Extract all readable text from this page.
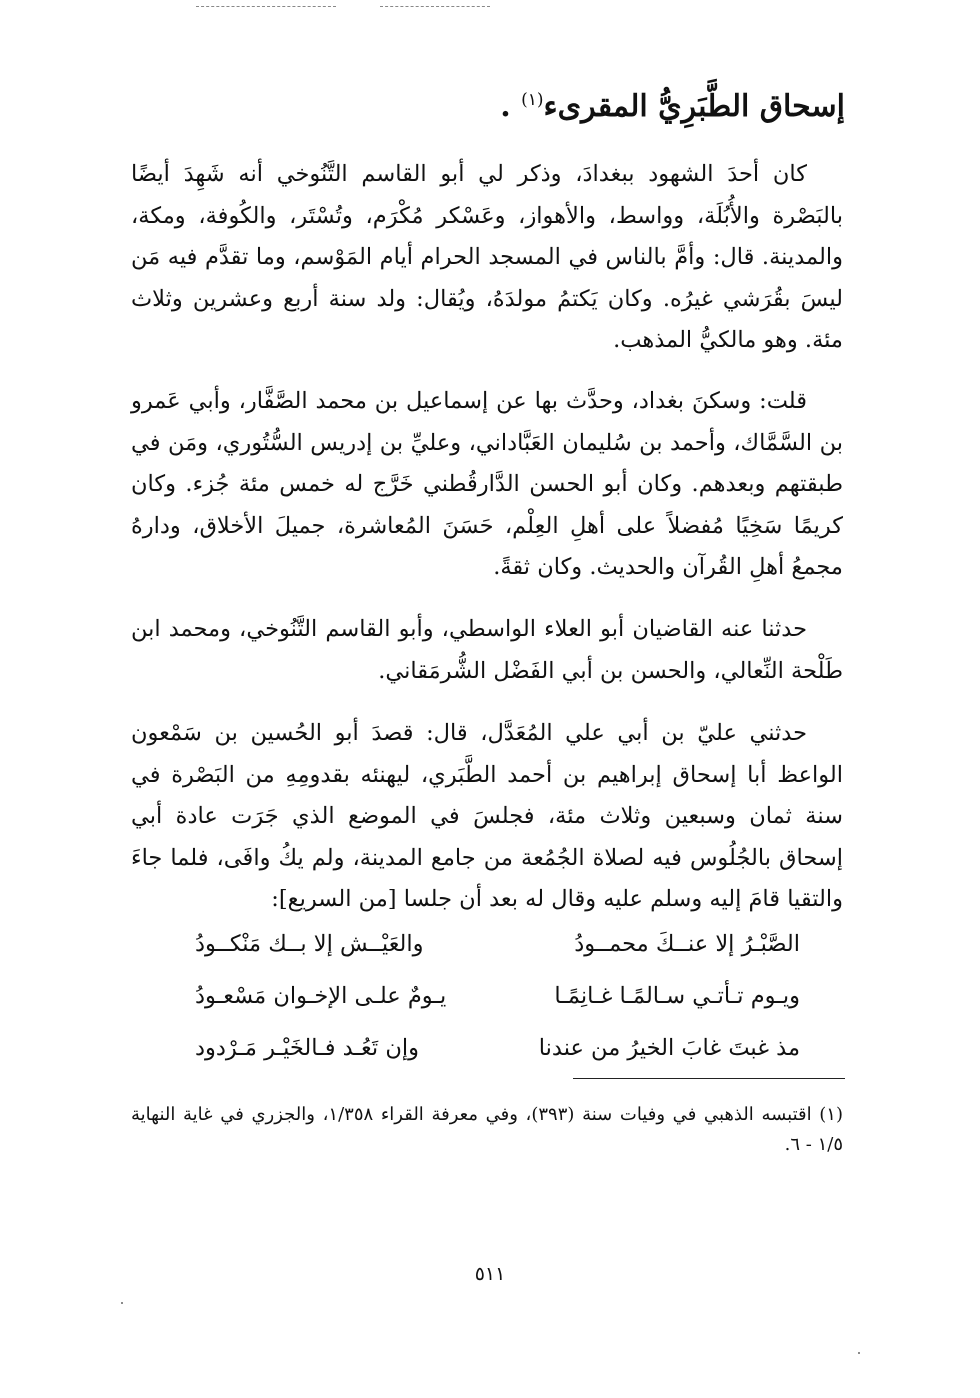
إسحاق الطَّبَرِيُّ المقرىء$^{(١)}$ .

كان أحدَ الشهود ببغدادَ، وذكر لي أبو القاسم التَّنُوخي أنه شَهِدَ أيضًا بالبَصْرة والأُبُلَة، وواسط، والأهواز، وعَسْكر مُكْرَم، وتُسْتَر، والكُوفة، ومكة، والمدينة. قال: وأمَّ بالناس في المسجد الحرام أيام المَوْسم، وما تقدَّم فيه مَن ليسَ بقُرَشي غيرُه. وكان يَكتمُ مولدَهُ، ويُقال: ولد سنة أربع وعشرين وثلاث مئة. وهو مالكيُّ المذهب.

قلت: وسكنَ بغداد، وحدَّث بها عن إسماعيل بن محمد الصَّفَّار، وأبي عَمرو بن السَّمَّاك، وأحمد بن سُليمان العَبَّاداني، وعليِّ بن إدريس السُّتُوري، ومَن في طبقتهم وبعدهم. وكان أبو الحسن الدَّارقُطني خَرَّج له خمس مئة جُزء. وكان كريمًا سَخِيًا مُفضلاً على أهلِ العِلْم، حَسَنَ المُعاشرة، جميلَ الأخلاق، ودارهُ مجمعُ أهلِ القُرآن والحديث. وكان ثقةً.

حدثنا عنه القاضيان أبو العلاء الواسطي، وأبو القاسم التَّنُوخي، ومحمد ابن طَلْحة النِّعالي، والحسن بن أبي الفَضْل الشُّرمَقاني.

حدثني عليّ بن أبي علي المُعَدَّل، قال: قصدَ أبو الحُسين بن سَمْعون الواعظ أبا إسحاق إبراهيم بن أحمد الطَّبَري، ليهنئه بقدومِهِ من البَصْرة في سنة ثمان وسبعين وثلاث مئة، فجلسَ في الموضع الذي جَرَت عادة أبي إسحاق بالجُلُوس فيه لصلاة الجُمُعة من جامع المدينة، ولم يكُ وافَى، فلما جاءَ والتقيا قامَ إليه وسلم عليه وقال له بعد أن جلسا [من السريع]:

الصَّبْـرُ إلا عنــكَ محمــودُ
والعَيْــش إلا بــك مَنْكــودُ
ويـوم تـأتـي سـالمًـا غـانِمًـا
يـومٌ علـى الإخـوان مَسْعـودُ
مذ غبتَ غابَ الخيرُ من عندنا
وإن تَعُـد فـالخَيْـر مَـرْدود
(١) اقتبسه الذهبي في وفيات سنة (٣٩٣)، وفي معرفة القراء ١/٣٥٨، والجزري في غاية النهاية ١/٥ - ٦.
٥١١
